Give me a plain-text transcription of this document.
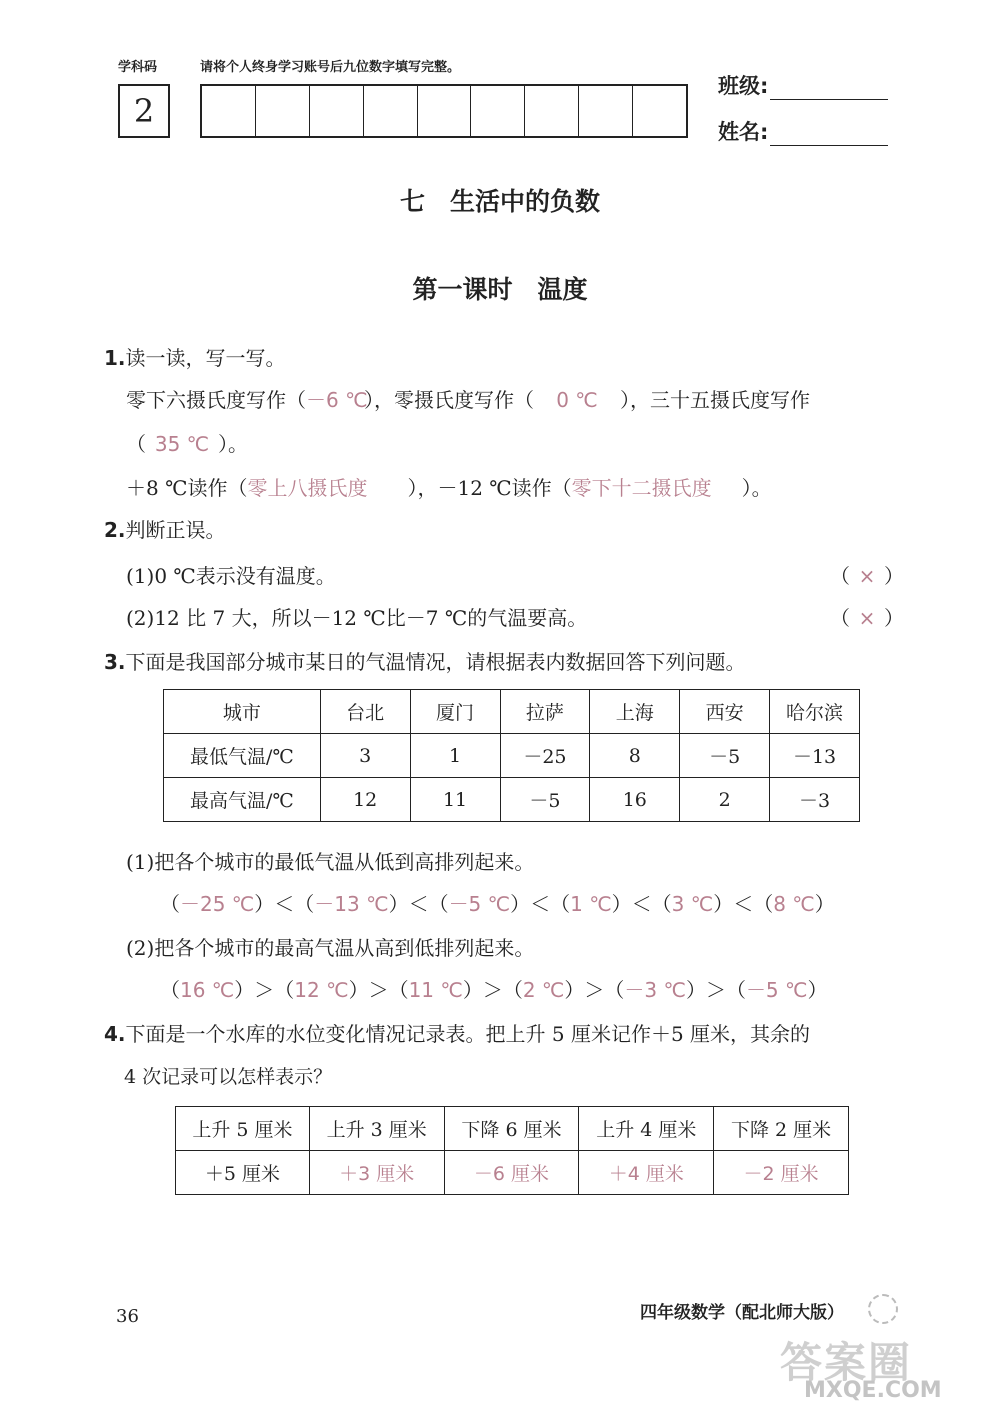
学科码
2
请将个人终身学习账号后九位数字填写完整。
班级:
姓名:
七　生活中的负数
第一课时　温度
1.读一读，写一写。
零下六摄氏度写作（－6 ℃），零摄氏度写作（ 0 ℃ ），三十五摄氏度写作
（ 35 ℃ ）。
＋8 ℃读作（零上八摄氏度 ），－12 ℃读作（零下十二摄氏度 ）。
2.判断正误。
(1)0 ℃表示没有温度。	（ × ）
(2)12 比 7 大，所以－12 ℃比－7 ℃的气温要高。	（ × ）
3.下面是我国部分城市某日的气温情况，请根据表内数据回答下列问题。
城市	台北	厦门	拉萨	上海	西安	哈尔滨
最低气温/℃	3	1	－25	8	－5	－13
最高气温/℃	12	11	－5	16	2	－3
(1)把各个城市的最低气温从低到高排列起来。
（－25 ℃）＜（－13 ℃）＜（－5 ℃）＜（1 ℃）＜（3 ℃）＜（8 ℃）
(2)把各个城市的最高气温从高到低排列起来。
（16 ℃）＞（12 ℃）＞（11 ℃）＞（2 ℃）＞（－3 ℃）＞（－5 ℃）
4.下面是一个水库的水位变化情况记录表。把上升 5 厘米记作＋5 厘米，其余的
4 次记录可以怎样表示？
上升 5 厘米	上升 3 厘米	下降 6 厘米	上升 4 厘米	下降 2 厘米
＋5 厘米	＋3 厘米	－6 厘米	＋4 厘米	－2 厘米
36	四年级数学（配北师大版）
答案圈
MXQE.COM
